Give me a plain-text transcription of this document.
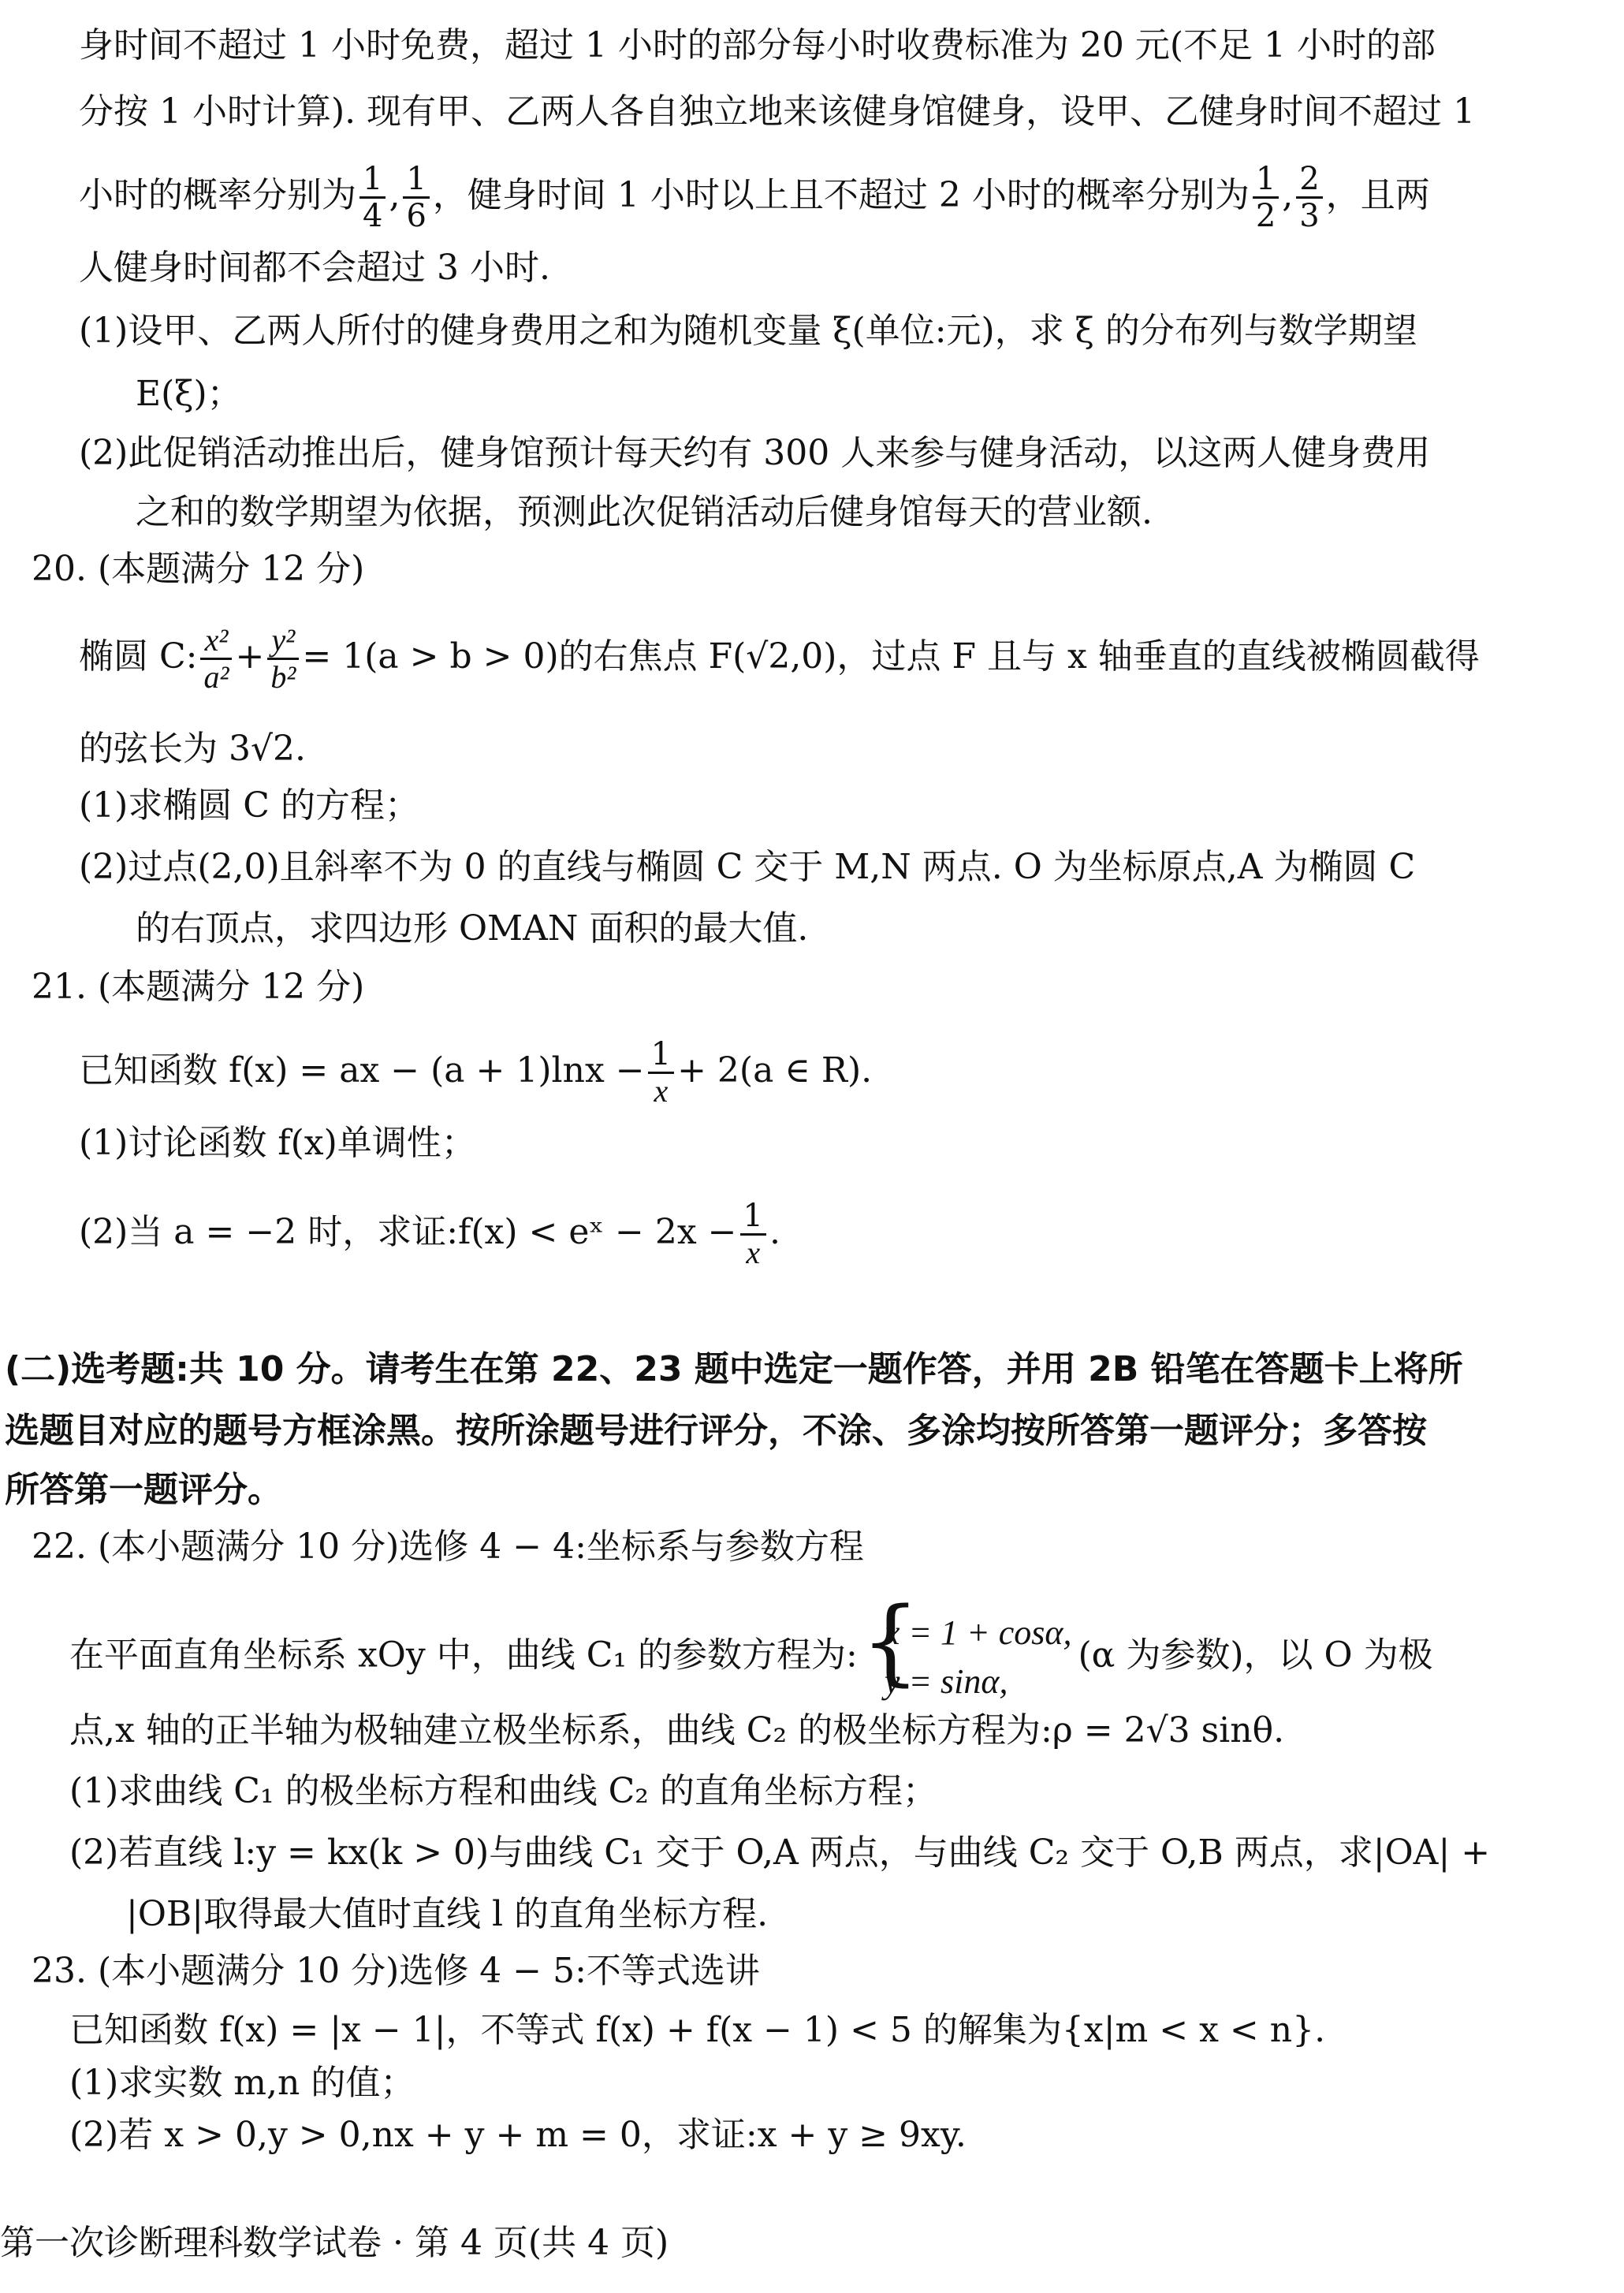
身时间不超过 1 小时免费，超过 1 小时的部分每小时收费标准为 20 元(不足 1 小时的部
分按 1 小时计算). 现有甲、乙两人各自独立地来该健身馆健身，设甲、乙健身时间不超过 1
小时的概率分别为 $\frac{1}{4}$ , $\frac{1}{6}$ ，健身时间 1 小时以上且不超过 2 小时的概率分别为 $\frac{1}{2}$ , $\frac{2}{3}$ ，且两
人健身时间都不会超过 3 小时.
(1)设甲、乙两人所付的健身费用之和为随机变量 ξ(单位:元)，求 ξ 的分布列与数学期望
E(ξ)；
(2)此促销活动推出后，健身馆预计每天约有 300 人来参与健身活动，以这两人健身费用
之和的数学期望为依据，预测此次促销活动后健身馆每天的营业额.
20. (本题满分 12 分)
椭圆 C: $\frac{\text{x²}}{\text{a²}} + \frac{\text{y²}}{\text{b²}} = 1(a > b > 0)$的右焦点 F(√2,0)，过点 F 且与 x 轴垂直的直线被椭圆截得
的弦长为 3√2.
(1)求椭圆 C 的方程；
(2)过点(2,0)且斜率不为 0 的直线与椭圆 C 交于 M,N 两点. O 为坐标原点,A 为椭圆 C
的右顶点，求四边形 OMAN 面积的最大值.
21. (本题满分 12 分)
已知函数 f(x) = ax − $(a + 1)\ln x - \frac{1}{x} + 2(a$ ∈ R).
(1)讨论函数 f(x)单调性；
(2)当 a = −2 时，求证:f(x) < eˣ − $2x - \frac{1}{x}$ .
(二)选考题:共 10 分。请考生在第 22、23 题中选定一题作答，并用 2B 铅笔在答题卡上将所
选题目对应的题号方框涂黑。按所涂题号进行评分，不涂、多涂均按所答第一题评分；多答按
所答第一题评分。
22. (本小题满分 10 分)选修 4 − 4:坐标系与参数方程
在平面直角坐标系 xOy 中，曲线 C₁ 的参数方程为:
{ x = 1 + cosα,
y = sinα,
(α 为参数)，以 O 为极
点,x 轴的正半轴为极轴建立极坐标系，曲线 C₂ 的极坐标方程为:ρ = 2√3 sinθ.
(1)求曲线 C₁ 的极坐标方程和曲线 C₂ 的直角坐标方程；
(2)若直线 l:y = kx(k > 0)与曲线 C₁ 交于 O,A 两点，与曲线 C₂ 交于 O,B 两点，求|OA| +
|OB|取得最大值时直线 l 的直角坐标方程.
23. (本小题满分 10 分)选修 4 − 5:不等式选讲
已知函数 f(x) = |x − 1|，不等式 f(x) + f(x − 1) < 5 的解集为{x|m < x < n}.
(1)求实数 m,n 的值；
(2)若 x > 0,y > 0,nx + y + m = 0，求证:x + y ≥ 9xy.
第一次诊断理科数学试卷 · 第 4 页(共 4 页)
